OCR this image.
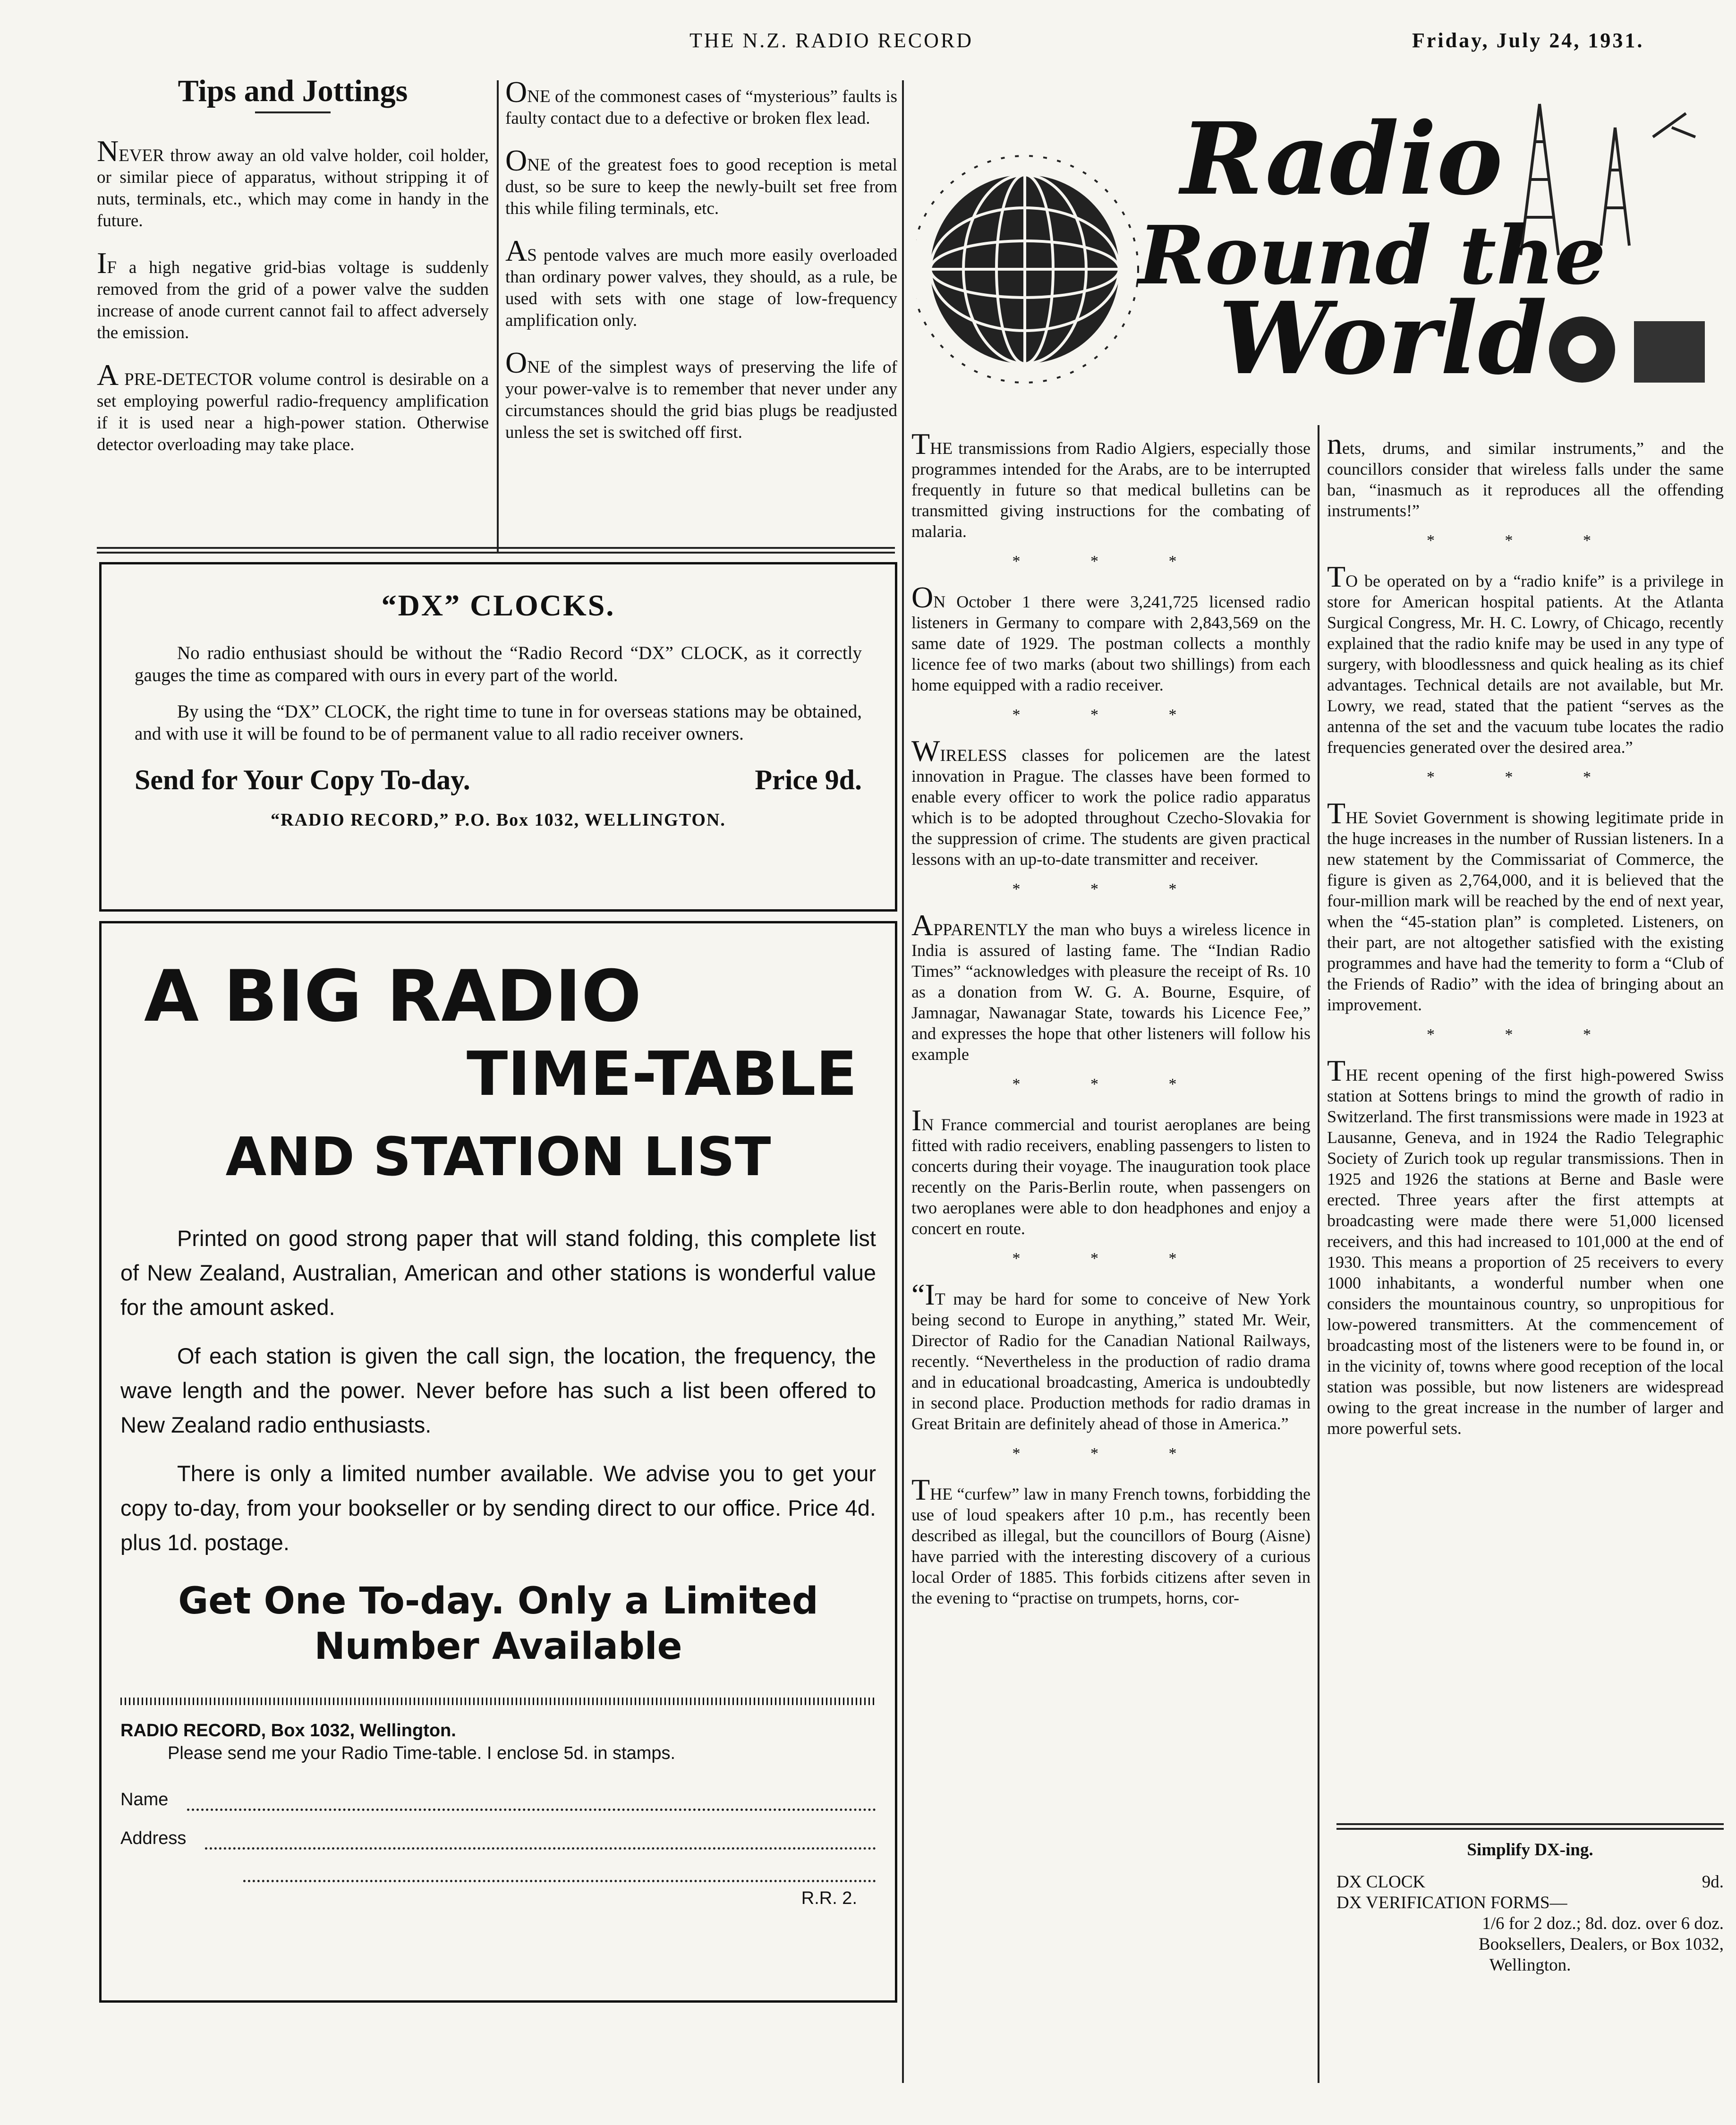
THE N.Z. RADIO RECORD	Friday, July 24, 1931.
Tips and Jottings

NEVER throw away an old valve holder, coil holder, or similar piece of apparatus, without stripping it of nuts, terminals, etc., which may come in handy in the future.

IF a high negative grid-bias voltage is suddenly removed from the grid of a power valve the sudden increase of anode current cannot fail to affect adversely the emission.

A PRE-DETECTOR volume control is desirable on a set employing powerful radio-frequency amplification if it is used near a high-power station. Otherwise detector overloading may take place.

ONE of the commonest cases of “mysterious” faults is faulty contact due to a defective or broken flex lead.

ONE of the greatest foes to good reception is metal dust, so be sure to keep the newly-built set free from this while filing terminals, etc.

AS pentode valves are much more easily overloaded than ordinary power valves, they should, as a rule, be used with sets with one stage of low-frequency amplification only.

ONE of the simplest ways of preserving the life of your power-valve is to remember that never under any circumstances should the grid bias plugs be readjusted unless the set is switched off first.

Radio
Round the
World
“DX” CLOCKS.

No radio enthusiast should be without the “Radio Record “DX” CLOCK, as it correctly gauges the time as compared with ours in every part of the world.

By using the “DX” CLOCK, the right time to tune in for overseas stations may be obtained, and with use it will be found to be of permanent value to all radio receiver owners.

Send for Your Copy To-day.	Price 9d.
“RADIO RECORD,” P.O. Box 1032, WELLINGTON.
A BIG RADIO
TIME-TABLE
AND STATION LIST

Printed on good strong paper that will stand folding, this complete list of New Zealand, Australian, American and other stations is wonderful value for the amount asked.

Of each station is given the call sign, the location, the frequency, the wave length and the power. Never before has such a list been offered to New Zealand radio enthusiasts.

There is only a limited number available. We advise you to get your copy to-day, from your bookseller or by sending direct to our office. Price 4d. plus 1d. postage.

Get One To-day. Only a Limited
Number Available
RADIO RECORD, Box 1032, Wellington.
Please send me your Radio Time-table. I enclose 5d. in stamps.
Name
Address
R.R. 2.

THE transmissions from Radio Algiers, especially those programmes intended for the Arabs, are to be interrupted frequently in future so that medical bulletins can be transmitted giving instructions for the combating of malaria.

* * *

ON October 1 there were 3,241,725 licensed radio listeners in Germany to compare with 2,843,569 on the same date of 1929. The postman collects a monthly licence fee of two marks (about two shillings) from each home equipped with a radio receiver.

* * *

WIRELESS classes for policemen are the latest innovation in Prague. The classes have been formed to enable every officer to work the police radio apparatus which is to be adopted throughout Czecho-Slovakia for the suppression of crime. The students are given practical lessons with an up-to-date transmitter and receiver.

* * *

APPARENTLY the man who buys a wireless licence in India is assured of lasting fame. The “Indian Radio Times” “acknowledges with pleasure the receipt of Rs. 10 as a donation from W. G. A. Bourne, Esquire, of Jamnagar, Nawanagar State, towards his Licence Fee,” and expresses the hope that other listeners will follow his example

* * *

IN France commercial and tourist aeroplanes are being fitted with radio receivers, enabling passengers to listen to concerts during their voyage. The inauguration took place recently on the Paris-Berlin route, when passengers on two aeroplanes were able to don headphones and enjoy a concert en route.

* * *

“IT may be hard for some to conceive of New York being second to Europe in anything,” stated Mr. Weir, Director of Radio for the Canadian National Railways, recently. “Nevertheless in the production of radio drama and in educational broadcasting, America is undoubtedly in second place. Production methods for radio dramas in Great Britain are definitely ahead of those in America.”

* * *

THE “curfew” law in many French towns, forbidding the use of loud speakers after 10 p.m., has recently been described as illegal, but the councillors of Bourg (Aisne) have parried with the interesting discovery of a curious local Order of 1885. This forbids citizens after seven in the evening to “practise on trumpets, horns, cor-

nets, drums, and similar instruments,” and the councillors consider that wireless falls under the same ban, “inasmuch as it reproduces all the offending instruments!”

* * *

TO be operated on by a “radio knife” is a privilege in store for American hospital patients. At the Atlanta Surgical Congress, Mr. H. C. Lowry, of Chicago, recently explained that the radio knife may be used in any type of surgery, with bloodlessness and quick healing as its chief advantages. Technical details are not available, but Mr. Lowry, we read, stated that the patient “serves as the antenna of the set and the vacuum tube locates the radio frequencies generated over the desired area.”

* * *

THE Soviet Government is showing legitimate pride in the huge increases in the number of Russian listeners. In a new statement by the Commissariat of Commerce, the figure is given as 2,764,000, and it is believed that the four-million mark will be reached by the end of next year, when the “45-station plan” is completed. Listeners, on their part, are not altogether satisfied with the existing programmes and have had the temerity to form a “Club of the Friends of Radio” with the idea of bringing about an improvement.

* * *

THE recent opening of the first high-powered Swiss station at Sottens brings to mind the growth of radio in Switzerland. The first transmissions were made in 1923 at Lausanne, Geneva, and in 1924 the Radio Telegraphic Society of Zurich took up regular transmissions. Then in 1925 and 1926 the stations at Berne and Basle were erected. Three years after the first attempts at broadcasting were made there were 51,000 licensed receivers, and this had increased to 101,000 at the end of 1930. This means a proportion of 25 receivers to every 1000 inhabitants, a wonderful number when one considers the mountainous country, so unpropitious for low-powered transmitters. At the commencement of broadcasting most of the listeners were to be found in, or in the vicinity of, towns where good reception of the local station was possible, but now listeners are widespread owing to the great increase in the number of larger and more powerful sets.

Simplify DX-ing.
DX CLOCK	9d.
DX VERIFICATION FORMS—
1/6 for 2 doz.; 8d. doz. over 6 doz.
Booksellers, Dealers, or Box 1032,
Wellington.
